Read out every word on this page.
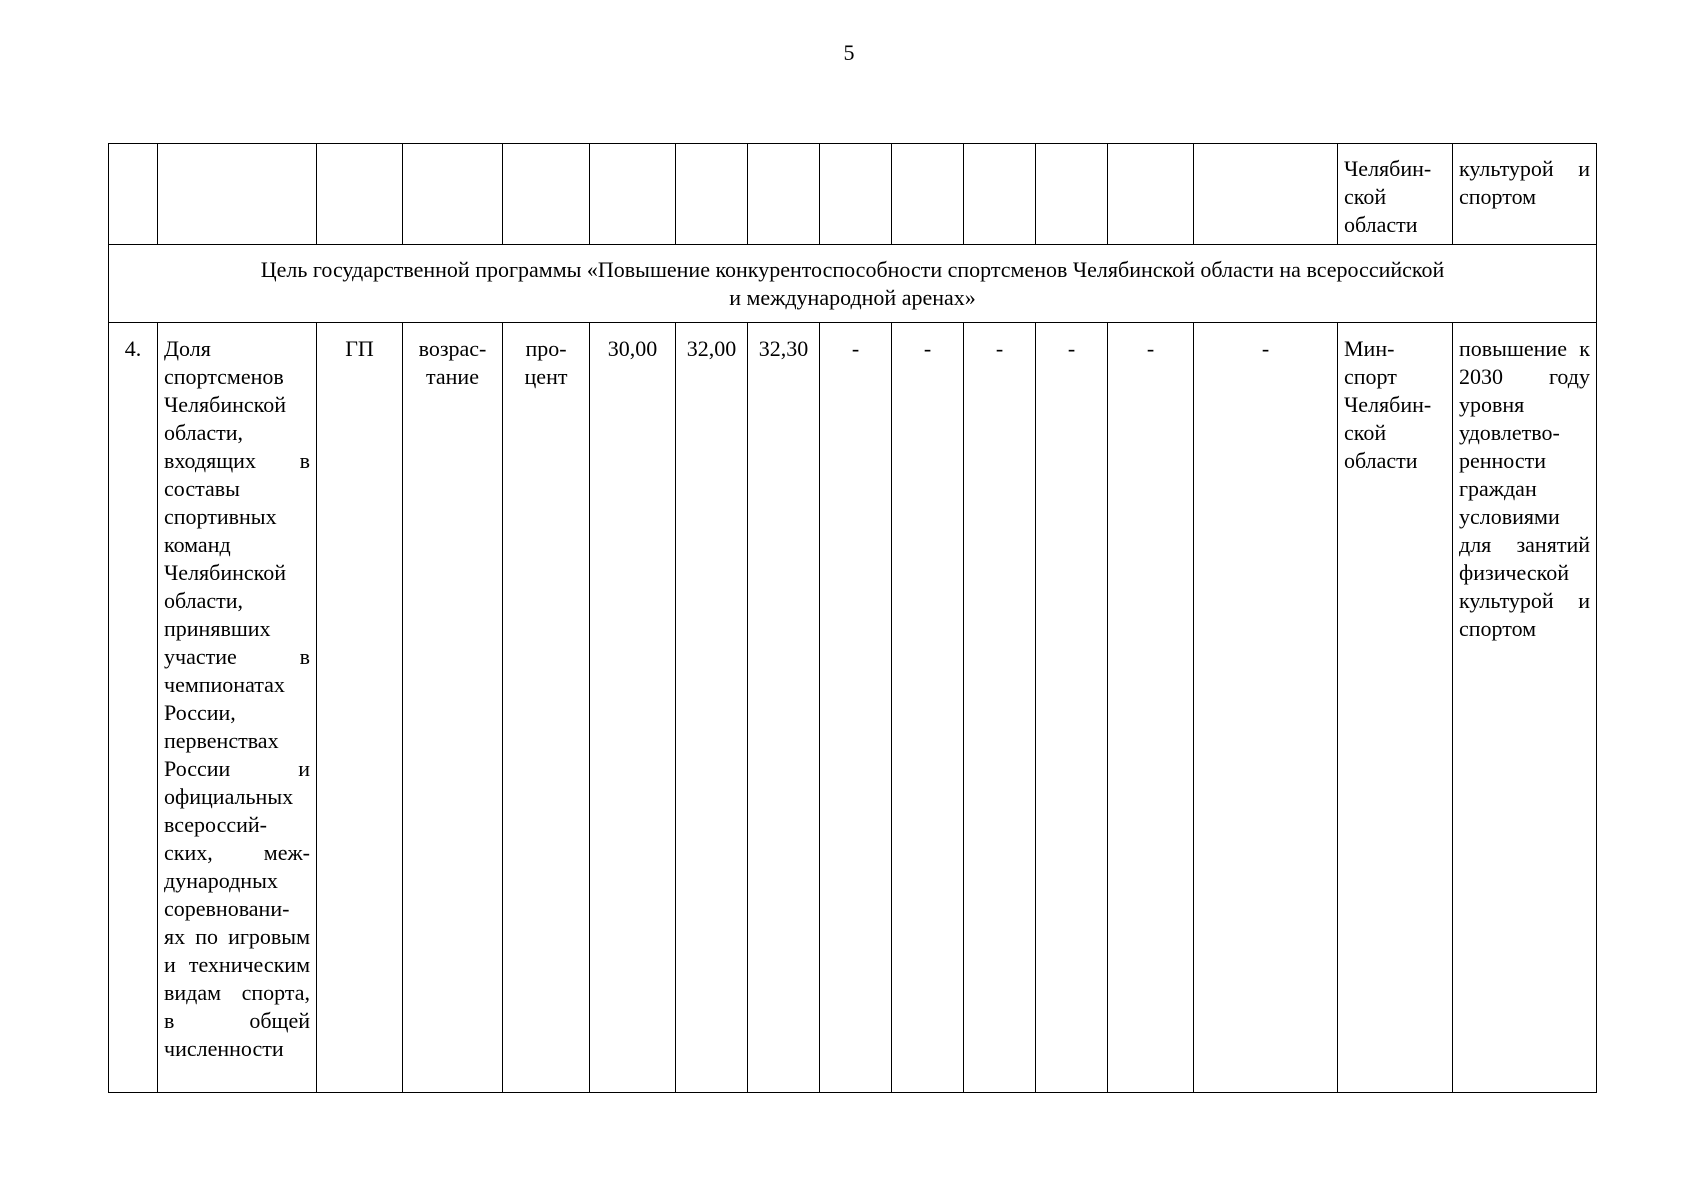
5
														Челябин-ской области	культурой и спортом

Цель государственной программы «Повышение конкурентоспособности спортсменов Челябинской области на всероссийской
и международной аренах»															

4.	Доля спортсменов Челябинской области, входящих в составы спортивных команд Челябинской области, принявших участие в чемпионатах России, первенствах России и официальных всероссий-ских, меж-дународных соревновани-ях по игровым и техническим видам спорта, в общей численности	ГП	возрас-тание	про-цент	30,00	32,00	32,30	-	-	-	-	-	-	Мин-спорт Челябин-ской области	повышение к 2030 году уровня удовлетво-ренности граждан условиями для занятий физической культурой и спортом
